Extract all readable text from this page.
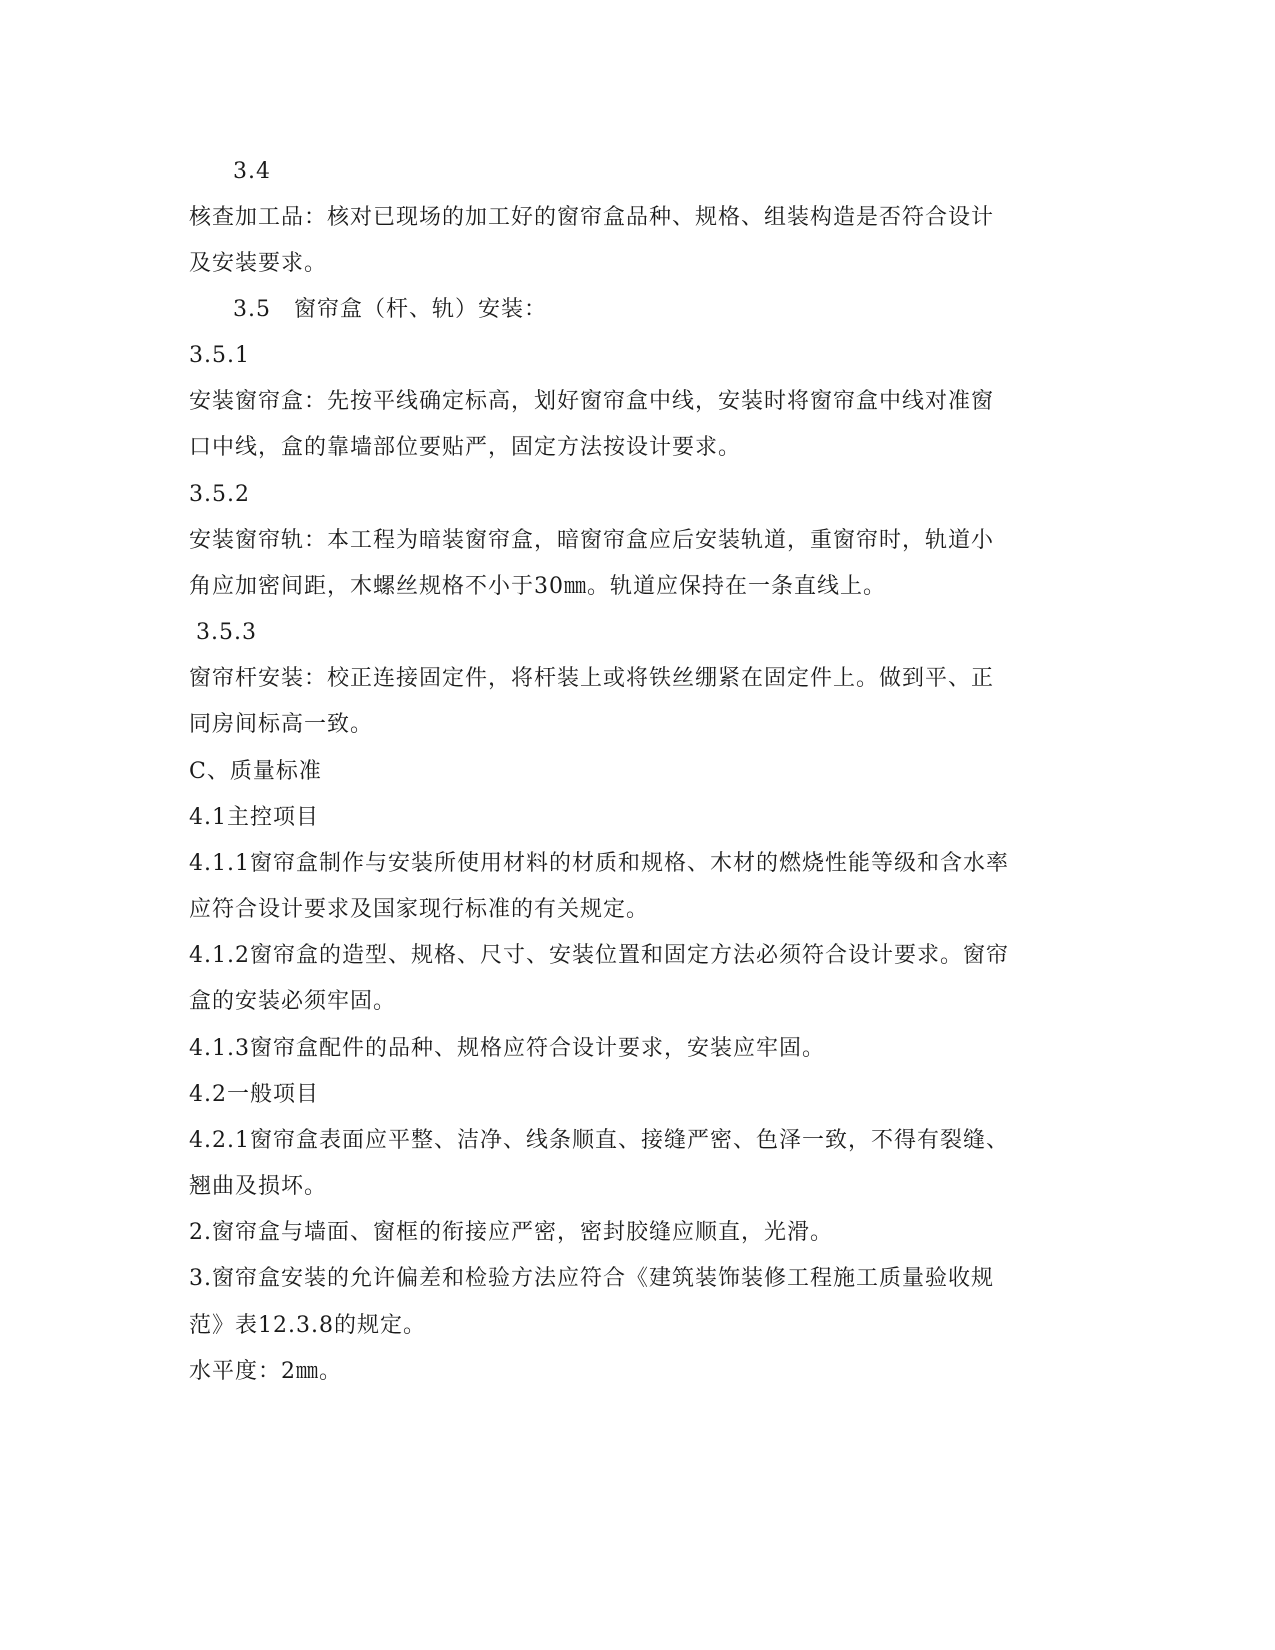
3.4
核查加工品：核对已现场的加工好的窗帘盒品种、规格、组装构造是否符合设计
及安装要求。
3.5　窗帘盒（杆、轨）安装：
3.5.1
安装窗帘盒：先按平线确定标高，划好窗帘盒中线，安装时将窗帘盒中线对准窗
口中线，盒的靠墙部位要贴严，固定方法按设计要求。
3.5.2
安装窗帘轨：本工程为暗装窗帘盒，暗窗帘盒应后安装轨道，重窗帘时，轨道小
角应加密间距，木螺丝规格不小于30㎜。轨道应保持在一条直线上。
3.5.3
窗帘杆安装：校正连接固定件，将杆装上或将铁丝绷紧在固定件上。做到平、正
同房间标高一致。
C、质量标准
4.1主控项目
4.1.1窗帘盒制作与安装所使用材料的材质和规格、木材的燃烧性能等级和含水率
应符合设计要求及国家现行标准的有关规定。
4.1.2窗帘盒的造型、规格、尺寸、安装位置和固定方法必须符合设计要求。窗帘
盒的安装必须牢固。
4.1.3窗帘盒配件的品种、规格应符合设计要求，安装应牢固。
4.2一般项目
4.2.1窗帘盒表面应平整、洁净、线条顺直、接缝严密、色泽一致，不得有裂缝、
翘曲及损坏。
2.窗帘盒与墙面、窗框的衔接应严密，密封胶缝应顺直，光滑。
3.窗帘盒安装的允许偏差和检验方法应符合《建筑装饰装修工程施工质量验收规
范》表12.3.8的规定。
水平度：2㎜。
